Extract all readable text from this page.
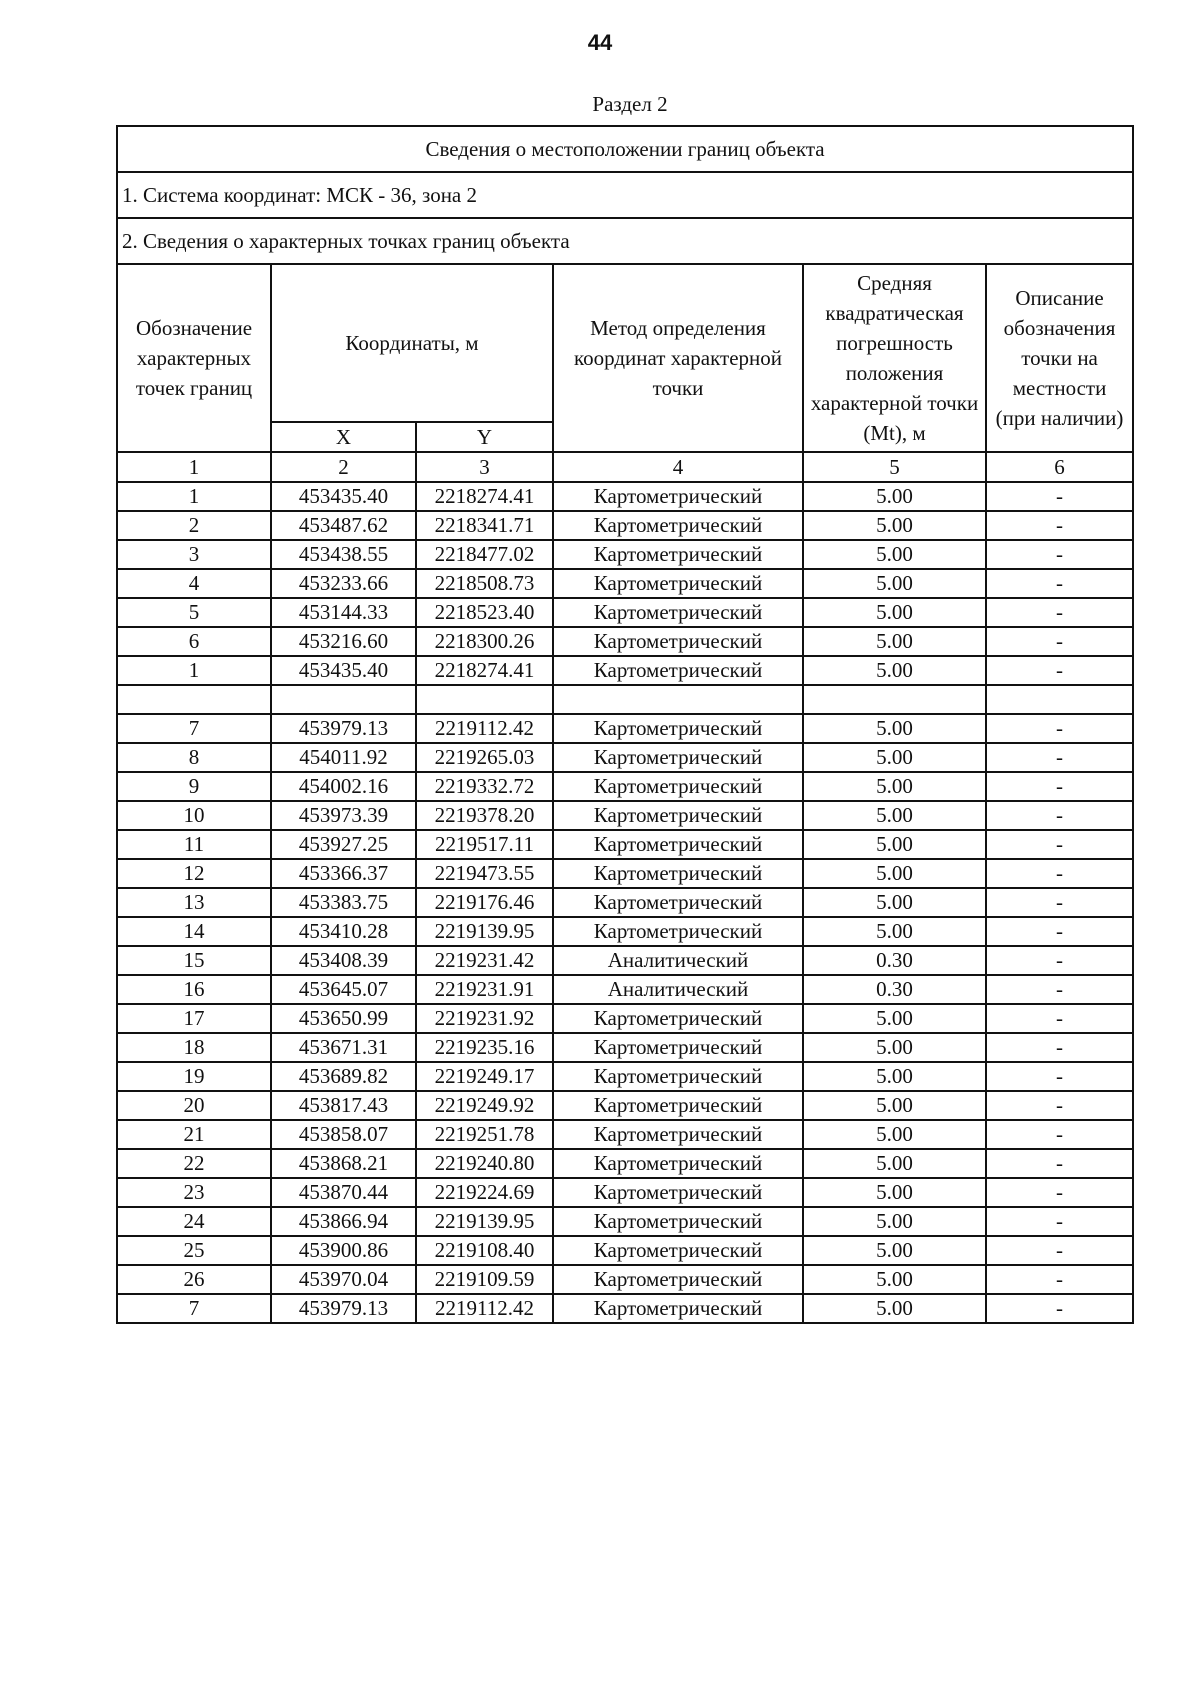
44
Раздел 2
Сведения о местоположении границ объекта					
1. Система координат: МСК - 36, зона 2					
2. Сведения о характерных точках границ объекта					
Обозначение характерных точек границ	Координаты, м		Метод определения координат характерной точки	Средняя квадратическая погрешность положения характерной точки (Mt), м	Описание обозначения точки на местности (при наличии)
	X	Y			
1	2	3	4	5	6
1	453435.40	2218274.41	Картометрический	5.00	-
2	453487.62	2218341.71	Картометрический	5.00	-
3	453438.55	2218477.02	Картометрический	5.00	-
4	453233.66	2218508.73	Картометрический	5.00	-
5	453144.33	2218523.40	Картометрический	5.00	-
6	453216.60	2218300.26	Картометрический	5.00	-
1	453435.40	2218274.41	Картометрический	5.00	-

7	453979.13	2219112.42	Картометрический	5.00	-
8	454011.92	2219265.03	Картометрический	5.00	-
9	454002.16	2219332.72	Картометрический	5.00	-
10	453973.39	2219378.20	Картометрический	5.00	-
11	453927.25	2219517.11	Картометрический	5.00	-
12	453366.37	2219473.55	Картометрический	5.00	-
13	453383.75	2219176.46	Картометрический	5.00	-
14	453410.28	2219139.95	Картометрический	5.00	-
15	453408.39	2219231.42	Аналитический	0.30	-
16	453645.07	2219231.91	Аналитический	0.30	-
17	453650.99	2219231.92	Картометрический	5.00	-
18	453671.31	2219235.16	Картометрический	5.00	-
19	453689.82	2219249.17	Картометрический	5.00	-
20	453817.43	2219249.92	Картометрический	5.00	-
21	453858.07	2219251.78	Картометрический	5.00	-
22	453868.21	2219240.80	Картометрический	5.00	-
23	453870.44	2219224.69	Картометрический	5.00	-
24	453866.94	2219139.95	Картометрический	5.00	-
25	453900.86	2219108.40	Картометрический	5.00	-
26	453970.04	2219109.59	Картометрический	5.00	-
7	453979.13	2219112.42	Картометрический	5.00	-
